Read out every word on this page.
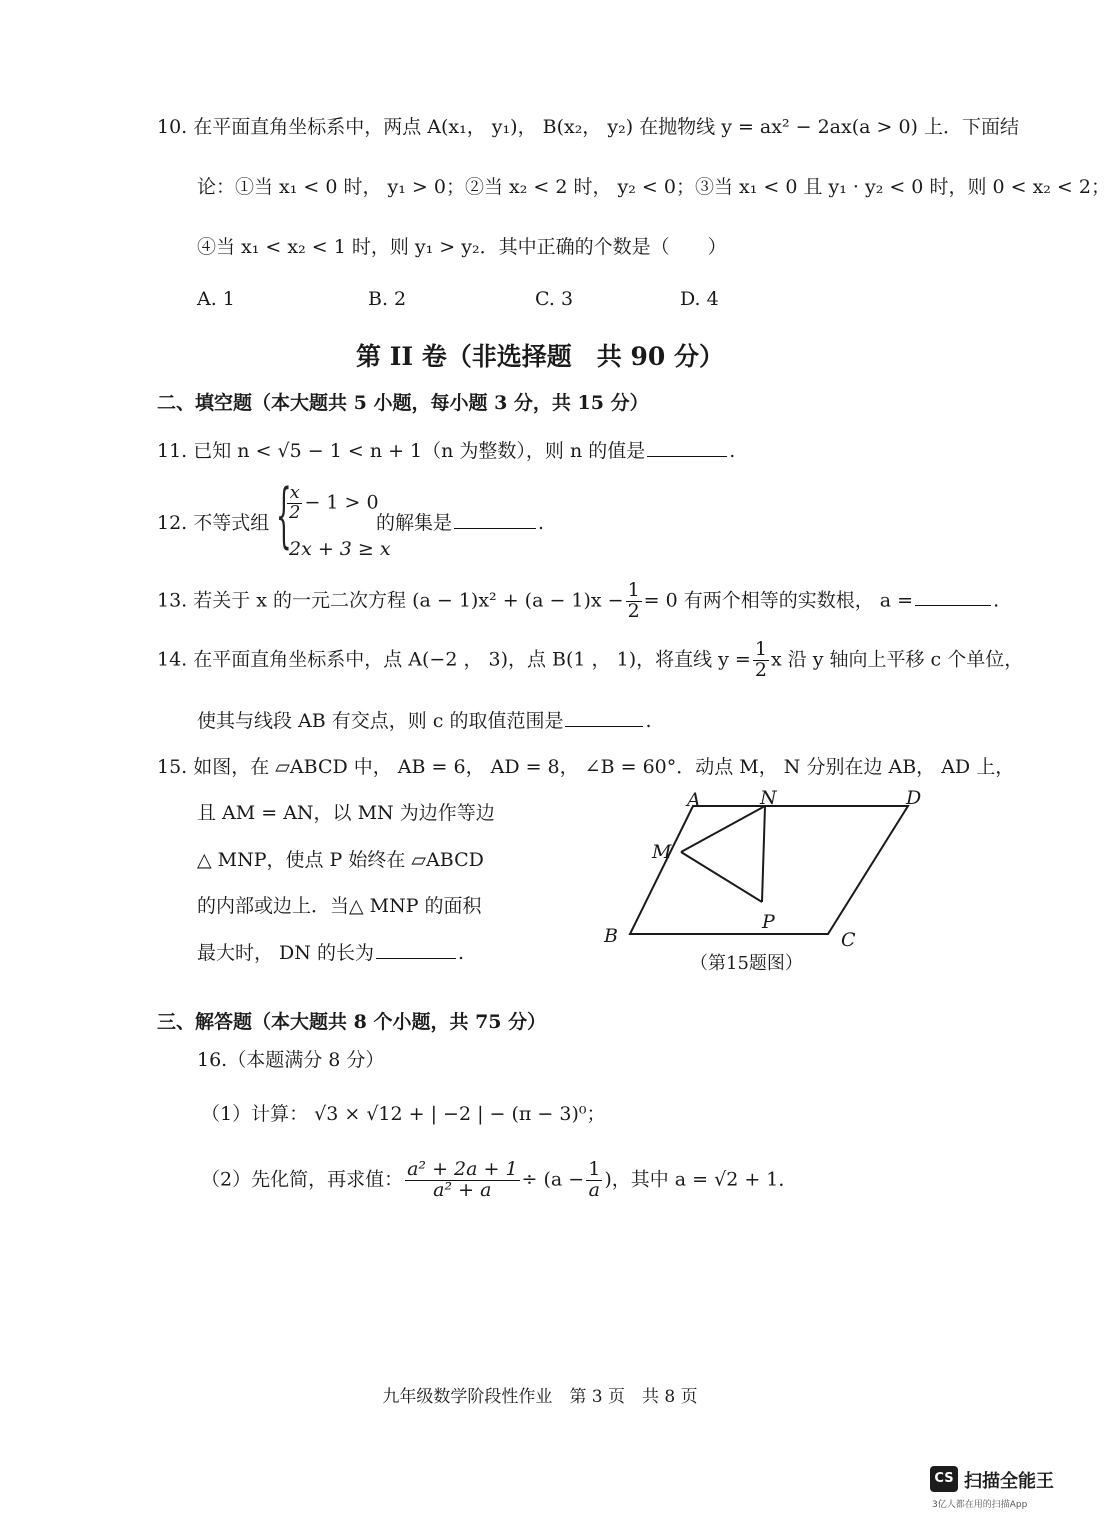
10. 在平面直角坐标系中，两点 A(x₁， y₁)， B(x₂， y₂) 在抛物线 y = ax² − 2ax(a > 0) 上．下面结
论：①当 x₁ < 0 时， y₁ > 0；②当 x₂ < 2 时， y₂ < 0；③当 x₁ < 0 且 y₁ · y₂ < 0 时，则 0 < x₂ < 2；
④当 x₁ < x₂ < 1 时，则 y₁ > y₂．其中正确的个数是（　　）
A. 1	B. 2	C. 3	D. 4
第 II 卷（非选择题　共 90 分）
二、填空题（本大题共 5 小题，每小题 3 分，共 15 分）
11. 已知 n < √5 − 1 < n + 1（n 为整数），则 n 的值是	.
12. 不等式组 {
$\frac{x}{2} - 1 > 0$
2x + 3 ≥ x
的解集是	.
13. 若关于 x 的一元二次方程 $(a - 1)x^2 + (a - 1)x - \frac{1}{2} = 0$ 有两个相等的实数根， a =	.
14. 在平面直角坐标系中，点 A(−2 ， 3)，点 B(1 ， 1)，将直线 $y = \frac{1}{2}$ x 沿 y 轴向上平移 c 个单位，
使其与线段 AB 有交点，则 c 的取值范围是	.
15. 如图，在 ▱ABCD 中， AB = 6， AD = 8， ∠B = 60°．动点 M， N 分别在边 AB， AD 上，
且 AM = AN，以 MN 为边作等边
△ MNP，使点 P 始终在 ▱ABCD
的内部或边上．当△ MNP 的面积
最大时， DN 的长为	.
A	N	D
M
P
B	C
（第15题图）
三、解答题（本大题共 8 个小题，共 75 分）
16.（本题满分 8 分）
（1）计算： √3 × √12 + | −2 | − (π − 3)⁰；
（2）先化简，再求值： $\frac{\text{a² + 2a + 1}}{\text{a² + a}} \div (a - \frac{1}{a}$ )，其中 a = √2 + 1．
九年级数学阶段性作业　第 3 页　共 8 页
CS 扫描全能王
3亿人都在用的扫描App
